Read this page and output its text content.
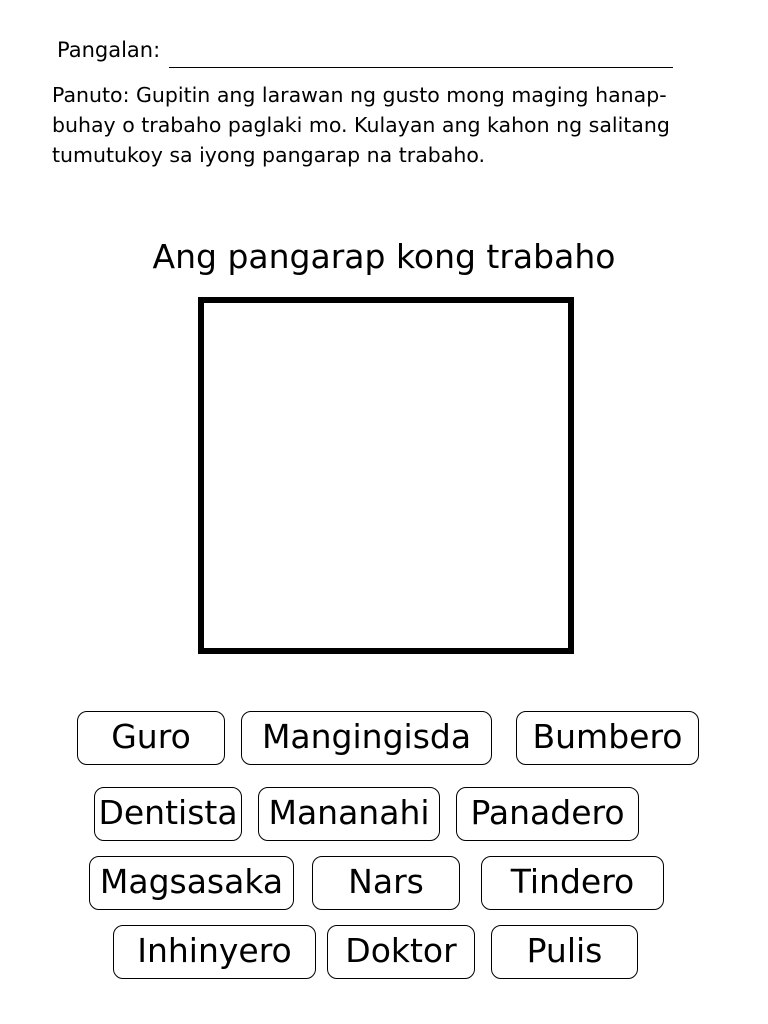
Pangalan:
Panuto: Gupitin ang larawan ng gusto mong maging hanap-
buhay o trabaho paglaki mo. Kulayan ang kahon ng salitang
tumutukoy sa iyong pangarap na trabaho.
Ang pangarap kong trabaho
Guro	Mangingisda	Bumbero
Dentista Mananahi	Panadero
Magsasaka	Nars	Tindero
Inhinyero	Doktor	Pulis
